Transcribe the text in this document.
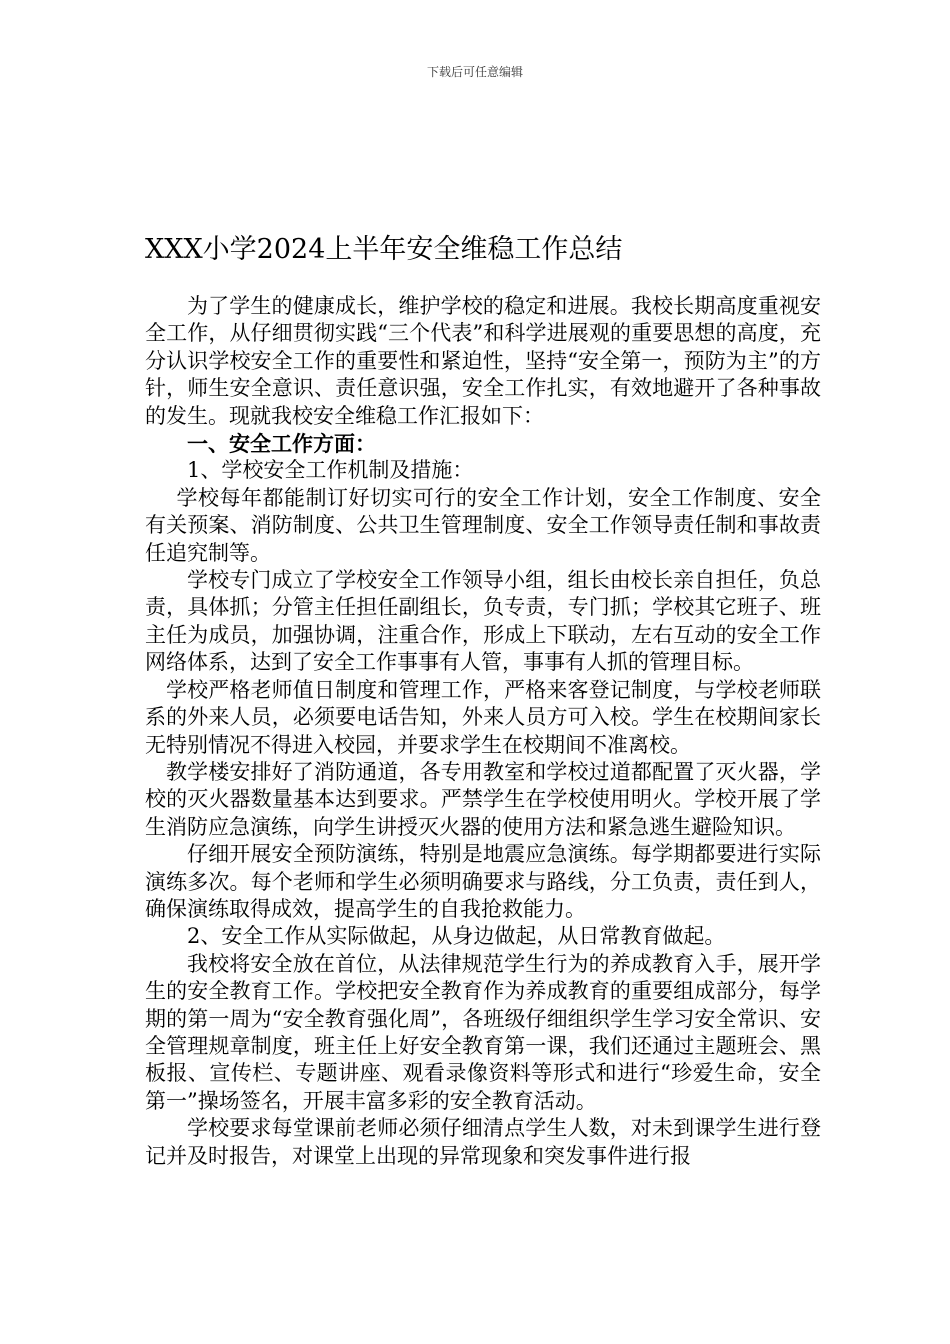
下载后可任意编辑
XXX小学2024上半年安全维稳工作总结

为了学生的健康成长，维护学校的稳定和进展。我校长期高度重视安全工作，从仔细贯彻实践“三个代表”和科学进展观的重要思想的高度，充分认识学校安全工作的重要性和紧迫性，坚持“安全第一，预防为主”的方针，师生安全意识、责任意识强，安全工作扎实，有效地避开了各种事故的发生。现就我校安全维稳工作汇报如下：

一、安全工作方面：

1、学校安全工作机制及措施：

学校每年都能制订好切实可行的安全工作计划，安全工作制度、安全有关预案、消防制度、公共卫生管理制度、安全工作领导责任制和事故责任追究制等。

学校专门成立了学校安全工作领导小组，组长由校长亲自担任，负总责，具体抓；分管主任担任副组长，负专责，专门抓；学校其它班子、班主任为成员，加强协调，注重合作，形成上下联动，左右互动的安全工作网络体系，达到了安全工作事事有人管，事事有人抓的管理目标。

学校严格老师值日制度和管理工作，严格来客登记制度，与学校老师联系的外来人员，必须要电话告知，外来人员方可入校。学生在校期间家长无特别情况不得进入校园，并要求学生在校期间不准离校。

教学楼安排好了消防通道，各专用教室和学校过道都配置了灭火器，学校的灭火器数量基本达到要求。严禁学生在学校使用明火。学校开展了学生消防应急演练，向学生讲授灭火器的使用方法和紧急逃生避险知识。

仔细开展安全预防演练，特别是地震应急演练。每学期都要进行实际演练多次。每个老师和学生必须明确要求与路线，分工负责，责任到人，确保演练取得成效，提高学生的自我抢救能力。

2、安全工作从实际做起，从身边做起，从日常教育做起。

我校将安全放在首位，从法律规范学生行为的养成教育入手，展开学生的安全教育工作。学校把安全教育作为养成教育的重要组成部分，每学期的第一周为“安全教育强化周”，各班级仔细组织学生学习安全常识、安全管理规章制度，班主任上好安全教育第一课，我们还通过主题班会、黑板报、宣传栏、专题讲座、观看录像资料等形式和进行“珍爱生命，安全第一”操场签名，开展丰富多彩的安全教育活动。

学校要求每堂课前老师必须仔细清点学生人数，对未到课学生进行登记并及时报告，对课堂上出现的异常现象和突发事件进行报
